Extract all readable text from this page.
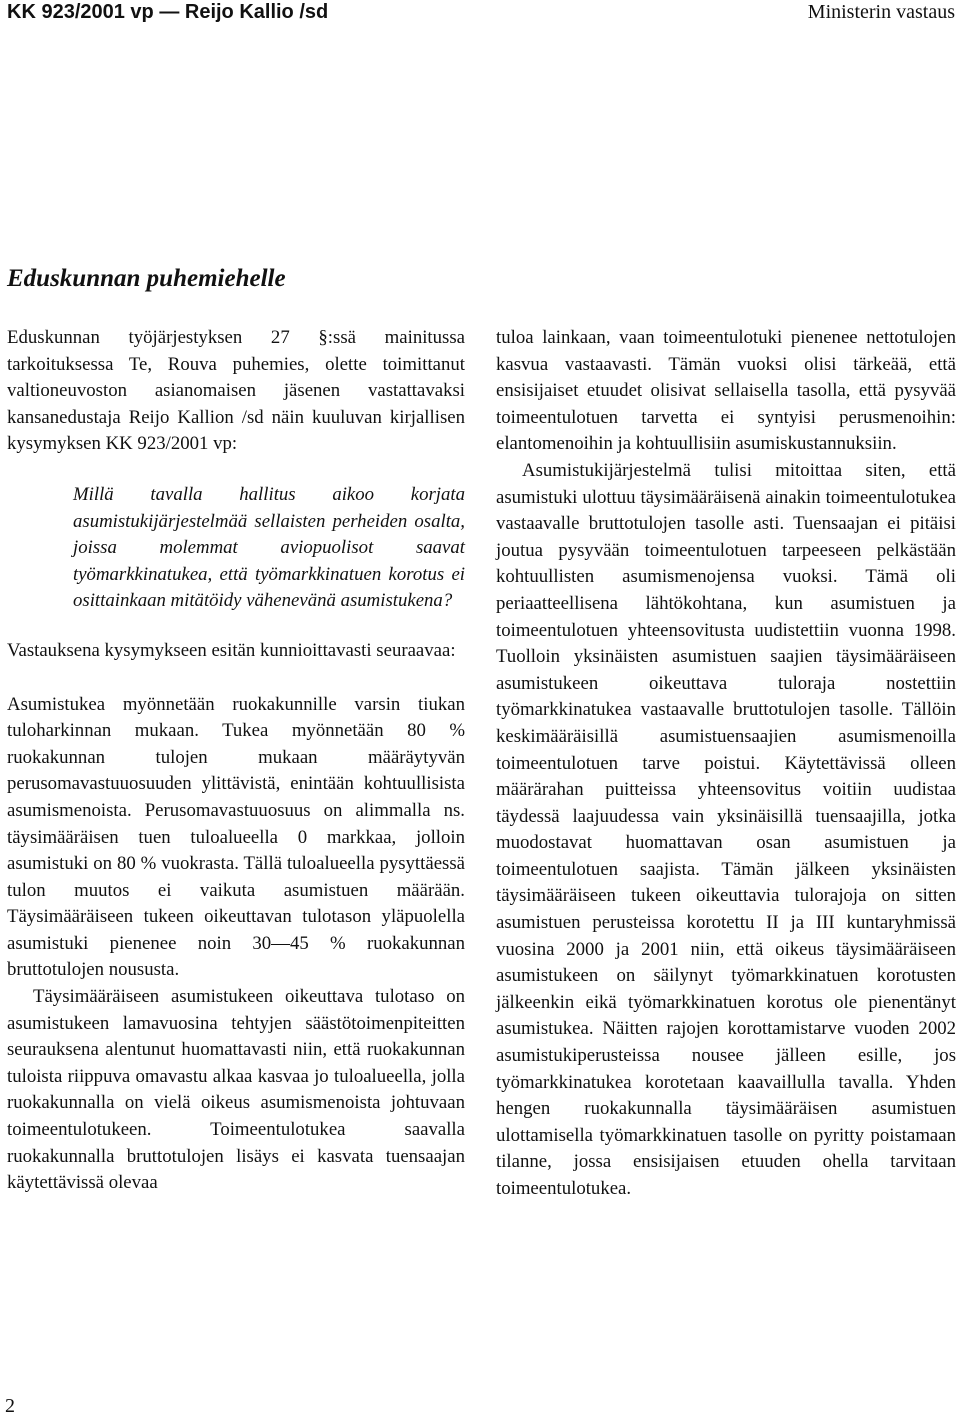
KK 923/2001 vp — Reijo Kallio /sd	Ministerin vastaus
Eduskunnan puhemiehelle

Eduskunnan työjärjestyksen 27 §:ssä mainitussa tarkoituksessa Te, Rouva puhemies, olette toimittanut valtioneuvoston asianomaisen jäsenen vastattavaksi kansanedustaja Reijo Kallion /sd näin kuuluvan kirjallisen kysymyksen KK 923/2001 vp:

Millä tavalla hallitus aikoo korjata asumistukijärjestelmää sellaisten perheiden osalta, joissa molemmat aviopuolisot saavat työmarkkinatukea, että työmarkkinatuen korotus ei osittainkaan mitätöidy vähenevänä asumistukena?

Vastauksena kysymykseen esitän kunnioittavasti seuraavaa:

Asumistukea myönnetään ruokakunnille varsin tiukan tuloharkinnan mukaan. Tukea myönnetään 80 % ruokakunnan tulojen mukaan määräytyvän perusomavastuuosuuden ylittävistä, enintään kohtuullisista asumismenoista. Perusomavastuuosuus on alimmalla ns. täysimääräisen tuen tuloalueella 0 markkaa, jolloin asumistuki on 80 % vuokrasta. Tällä tuloalueella pysyttäessä tulon muutos ei vaikuta asumistuen määrään. Täysimääräiseen tukeen oikeuttavan tulotason yläpuolella asumistuki pienenee noin 30—45 % ruokakunnan bruttotulojen noususta.

Täysimääräiseen asumistukeen oikeuttava tulotaso on asumistukeen lamavuosina tehtyjen säästötoimenpiteitten seurauksena alentunut huomattavasti niin, että ruokakunnan tuloista riippuva omavastu alkaa kasvaa jo tuloalueella, jolla ruokakunnalla on vielä oikeus asumismenoista johtuvaan toimeentulotukeen. Toimeentulotukea saavalla ruokakunnalla bruttotulojen lisäys ei kasvata tuensaajan käytettävissä olevaa

tuloa lainkaan, vaan toimeentulotuki pienenee nettotulojen kasvua vastaavasti. Tämän vuoksi olisi tärkeää, että ensisijaiset etuudet olisivat sellaisella tasolla, että pysyvää toimeentulotuen tarvetta ei syntyisi perusmenoihin: elantomenoihin ja kohtuullisiin asumiskustannuksiin.

Asumistukijärjestelmä tulisi mitoittaa siten, että asumistuki ulottuu täysimääräisenä ainakin toimeentulotukea vastaavalle bruttotulojen tasolle asti. Tuensaajan ei pitäisi joutua pysyvään toimeentulotuen tarpeeseen pelkästään kohtuullisten asumismenojensa vuoksi. Tämä oli periaatteellisena lähtökohtana, kun asumistuen ja toimeentulotuen yhteensovitusta uudistettiin vuonna 1998. Tuolloin yksinäisten asumistuen saajien täysimääräiseen asumistukeen oikeuttava tuloraja nostettiin työmarkkinatukea vastaavalle bruttotulojen tasolle. Tällöin keskimääräisillä asumistuensaajien asumismenoilla toimeentulotuen tarve poistui. Käytettävissä olleen määrärahan puitteissa yhteensovitus voitiin uudistaa täydessä laajuudessa vain yksinäisillä tuensaajilla, jotka muodostavat huomattavan osan asumistuen ja toimeentulotuen saajista. Tämän jälkeen yksinäisten täysimääräiseen tukeen oikeuttavia tulorajoja on sitten asumistuen perusteissa korotettu II ja III kuntaryhmissä vuosina 2000 ja 2001 niin, että oikeus täysimääräiseen asumistukeen on säilynyt työmarkkinatuen korotusten jälkeenkin eikä työmarkkinatuen korotus ole pienentänyt asumistukea. Näitten rajojen korottamistarve vuoden 2002 asumistukiperusteissa nousee jälleen esille, jos työmarkkinatukea korotetaan kaavaillulla tavalla. Yhden hengen ruokakunnalla täysimääräisen asumistuen ulottamisella työmarkkinatuen tasolle on pyritty poistamaan tilanne, jossa ensisijaisen etuuden ohella tarvitaan toimeentulotukea.

2
